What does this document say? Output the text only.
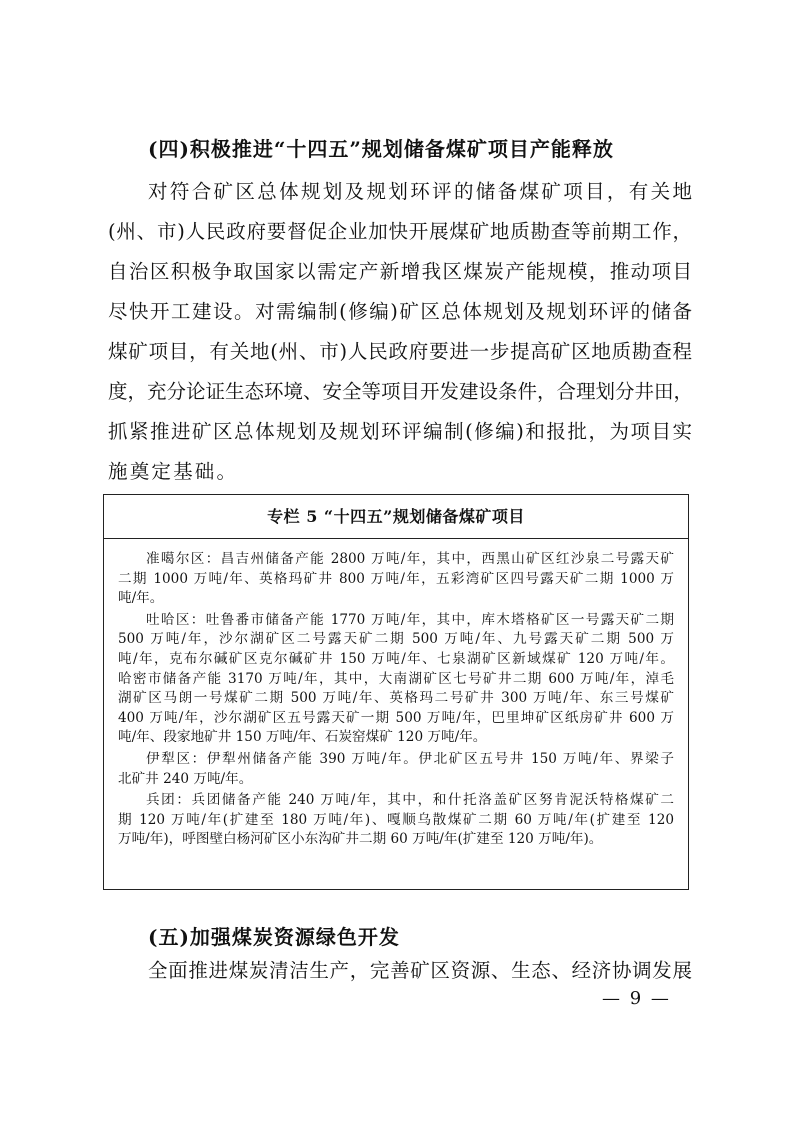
(四)积极推进“十四五”规划储备煤矿项目产能释放
对符合矿区总体规划及规划环评的储备煤矿项目，有关地
(州、市)人民政府要督促企业加快开展煤矿地质勘查等前期工作，
自治区积极争取国家以需定产新增我区煤炭产能规模，推动项目
尽快开工建设。对需编制(修编)矿区总体规划及规划环评的储备
煤矿项目，有关地(州、市)人民政府要进一步提高矿区地质勘查程
度，充分论证生态环境、安全等项目开发建设条件，合理划分井田，
抓紧推进矿区总体规划及规划环评编制(修编)和报批，为项目实
施奠定基础。
专栏 5 “十四五”规划储备煤矿项目
准噶尔区：昌吉州储备产能 2800 万吨/年，其中，西黑山矿区红沙泉二号露天矿
二期 1000 万吨/年、英格玛矿井 800 万吨/年，五彩湾矿区四号露天矿二期 1000 万
吨/年。
吐哈区：吐鲁番市储备产能 1770 万吨/年，其中，库木塔格矿区一号露天矿二期
500 万吨/年，沙尔湖矿区二号露天矿二期 500 万吨/年、九号露天矿二期 500 万
吨/年，克布尔碱矿区克尔碱矿井 150 万吨/年、七泉湖矿区新域煤矿 120 万吨/年。
哈密市储备产能 3170 万吨/年，其中，大南湖矿区七号矿井二期 600 万吨/年，淖毛
湖矿区马朗一号煤矿二期 500 万吨/年、英格玛二号矿井 300 万吨/年、东三号煤矿
400 万吨/年，沙尔湖矿区五号露天矿一期 500 万吨/年，巴里坤矿区纸房矿井 600 万
吨/年、段家地矿井 150 万吨/年、石炭窑煤矿 120 万吨/年。
伊犁区：伊犁州储备产能 390 万吨/年。伊北矿区五号井 150 万吨/年、界梁子
北矿井 240 万吨/年。
兵团：兵团储备产能 240 万吨/年，其中，和什托洛盖矿区努肯泥沃特格煤矿二
期 120 万吨/年(扩建至 180 万吨/年)、嘎顺乌散煤矿二期 60 万吨/年(扩建至 120
万吨/年)，呼图壁白杨河矿区小东沟矿井二期 60 万吨/年(扩建至 120 万吨/年)。
(五)加强煤炭资源绿色开发
全面推进煤炭清洁生产，完善矿区资源、生态、经济协调发展
— 9 —
